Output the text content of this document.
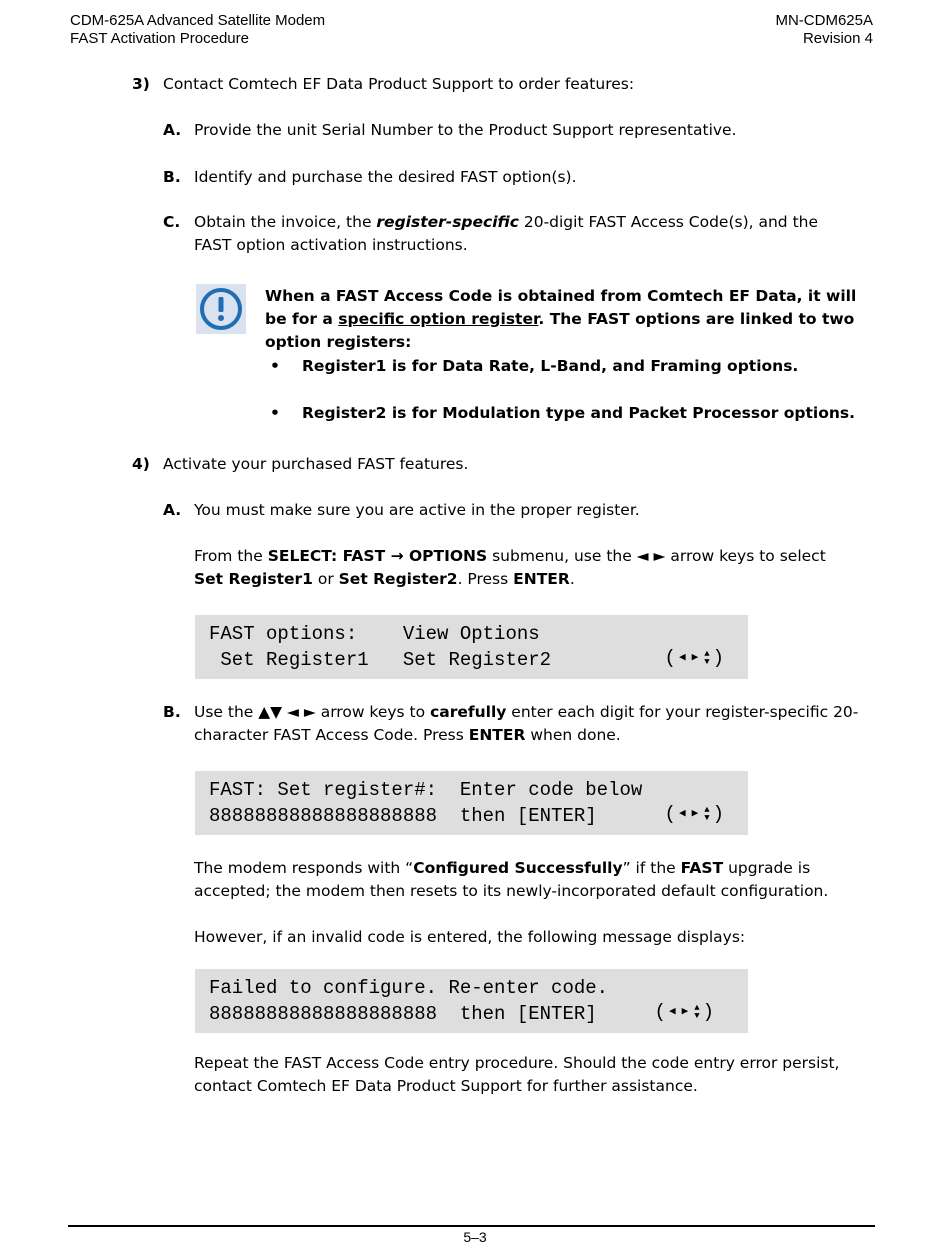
CDM-625A Advanced Satellite Modem
FAST Activation Procedure
MN-CDM625A
Revision 4
3) Contact Comtech EF Data Product Support to order features:
A. Provide the unit Serial Number to the Product Support representative.
B. Identify and purchase the desired FAST option(s).
C. Obtain the invoice, the register-specific 20-digit FAST Access Code(s), and the FAST option activation instructions.
When a FAST Access Code is obtained from Comtech EF Data, it will be for a specific option register. The FAST options are linked to two option registers:
• Register1 is for Data Rate, L-Band, and Framing options.
• Register2 is for Modulation type and Packet Processor options.
4) Activate your purchased FAST features.
A. You must make sure you are active in the proper register.
From the SELECT: FAST → OPTIONS submenu, use the ◄ ► arrow keys to select Set Register1 or Set Register2. Press ENTER.

FAST options:    View Options

Set Register1   Set Register2

	( ◀ ▶ ▲
▼ )

B. Use the ▲▼ ◄ ► arrow keys to carefully enter each digit for your register-specific 20-character FAST Access Code. Press ENTER when done.

FAST: Set register#:  Enter code below

88888888888888888888  then [ENTER]

	( ◀ ▶ ▲
▼ )

The modem responds with “Configured Successfully” if the FAST upgrade is accepted; the modem then resets to its newly-incorporated default configuration.
However, if an invalid code is entered, the following message displays:

Failed to configure. Re-enter code.

88888888888888888888  then [ENTER]

	( ◀ ▶ ▲
▼ )

Repeat the FAST Access Code entry procedure. Should the code entry error persist, contact Comtech EF Data Product Support for further assistance.
5–3
